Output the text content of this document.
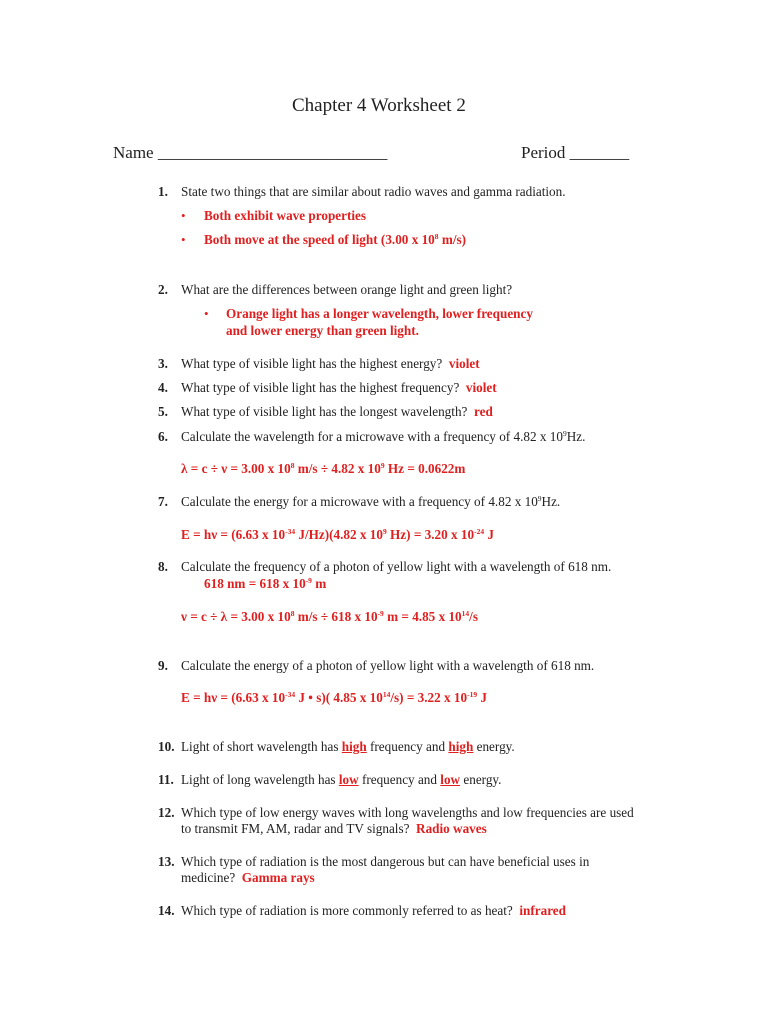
Chapter 4 Worksheet 2
Name ___________________________	Period _______
1. State two things that are similar about radio waves and gamma radiation.
• Both exhibit wave properties
• Both move at the speed of light (3.00 x $10^8$ m/s)
2. What are the differences between orange light and green light?
• Orange light has a longer wavelength, lower frequency
and lower energy than green light.
3. What type of visible light has the highest energy? violet
4. What type of visible light has the highest frequency? violet
5. What type of visible light has the longest wavelength? red
6. Calculate the wavelength for a microwave with a frequency of 4.82 x $10^9Hz$.
λ = c ÷ ν = 3.00 x $10^8$ m/s ÷ 4.82 x $10^9$ Hz = 0.0622m
7. Calculate the energy for a microwave with a frequency of 4.82 x $10^9Hz$.
E = hν = (6.63 x $10^{-34}$ J/Hz)(4.82 x $10^9$ Hz) = 3.20 x $10^{-24}$ J
8. Calculate the frequency of a photon of yellow light with a wavelength of 618 nm.
618 nm = 618 x $10^{-9}$ m
ν = c ÷ λ = 3.00 x $10^8$ m/s ÷ 618 x $10^{-9}$ m = 4.85 x $10^{14}/s$
9. Calculate the energy of a photon of yellow light with a wavelength of 618 nm.
E = hν = (6.63 x $10^{-34}$ J • s)( 4.85 x $10^{14}/s) = 3.22$ x $10^{-19}$ J
10. Light of short wavelength has high frequency and high energy.
11. Light of long wavelength has low frequency and low energy.
12. Which type of low energy waves with long wavelengths and low frequencies are used
to transmit FM, AM, radar and TV signals? Radio waves
13. Which type of radiation is the most dangerous but can have beneficial uses in
medicine? Gamma rays
14. Which type of radiation is more commonly referred to as heat? infrared
